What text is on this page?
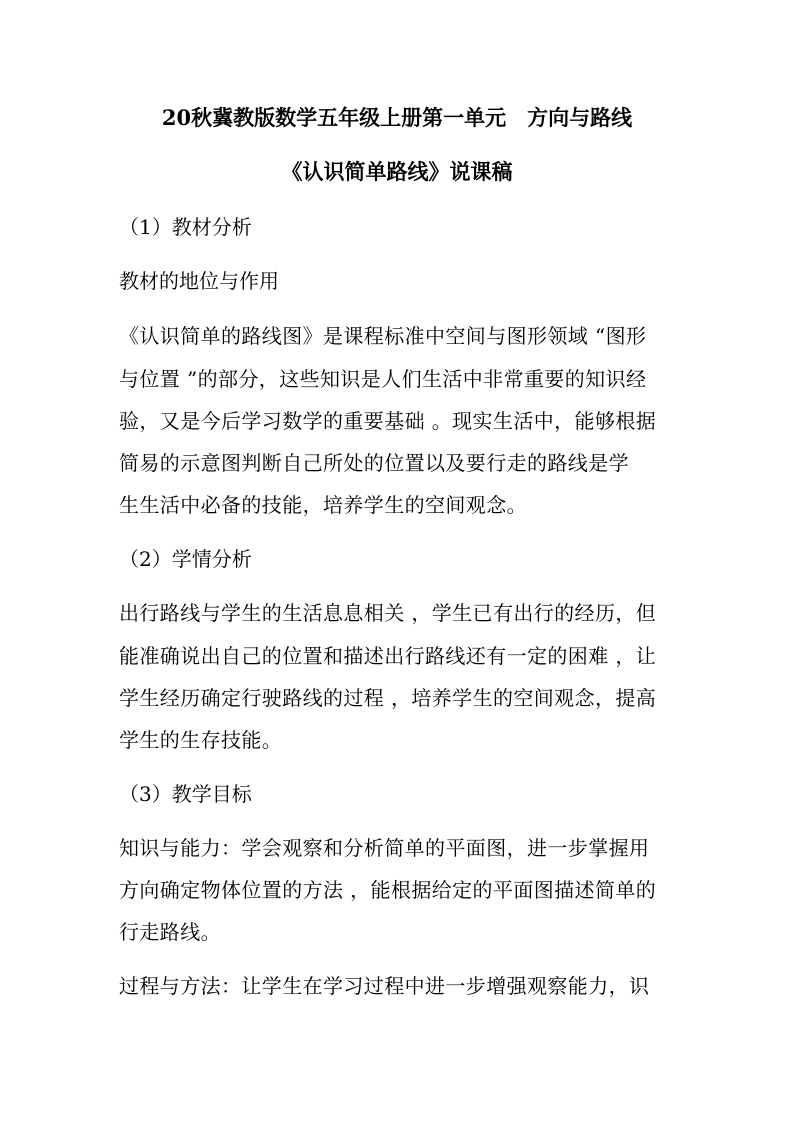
20秋冀教版数学五年级上册第一单元　方向与路线
《认识简单路线》说课稿
（1）教材分析
教材的地位与作用
《认识简单的路线图》是课程标准中空间与图形领域 “图形
与位置 ”的部分，这些知识是人们生活中非常重要的知识经
验，又是今后学习数学的重要基础 。现实生活中，能够根据
简易的示意图判断自己所处的位置以及要行走的路线是学
生生活中必备的技能，培养学生的空间观念。
（2）学情分析
出行路线与学生的生活息息相关 ，学生已有出行的经历，但
能准确说出自己的位置和描述出行路线还有一定的困难 ，让
学生经历确定行驶路线的过程 ，培养学生的空间观念，提高
学生的生存技能。
（3）教学目标
知识与能力：学会观察和分析简单的平面图，进一步掌握用
方向确定物体位置的方法 ，能根据给定的平面图描述简单的
行走路线。
过程与方法：让学生在学习过程中进一步增强观察能力，识
